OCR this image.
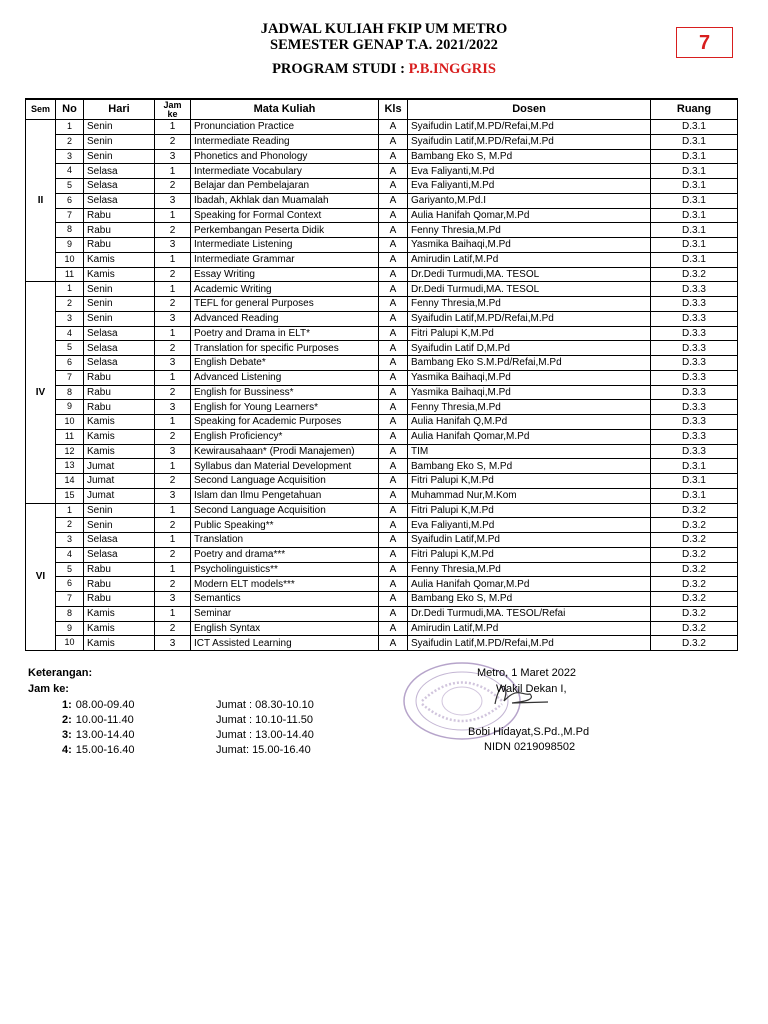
JADWAL KULIAH FKIP UM METRO
SEMESTER GENAP T.A. 2021/2022
PROGRAM STUDI : P.B.INGGRIS
7
Sem	No	Hari	Jam
ke	Mata Kuliah	Kls	Dosen	Ruang
II	1	Senin	1	Pronunciation Practice	A	Syaifudin Latif,M.PD/Refai,M.Pd	D.3.1
	2	Senin	2	Intermediate Reading	A	Syaifudin Latif,M.PD/Refai,M.Pd	D.3.1
	3	Senin	3	Phonetics and Phonology	A	Bambang Eko S, M.Pd	D.3.1
	4	Selasa	1	Intermediate Vocabulary	A	Eva Faliyanti,M.Pd	D.3.1
	5	Selasa	2	Belajar dan Pembelajaran	A	Eva Faliyanti,M.Pd	D.3.1
	6	Selasa	3	Ibadah, Akhlak dan Muamalah	A	Gariyanto,M.Pd.I	D.3.1
	7	Rabu	1	Speaking for Formal Context	A	Aulia Hanifah Qomar,M.Pd	D.3.1
	8	Rabu	2	Perkembangan Peserta Didik	A	Fenny Thresia,M.Pd	D.3.1
	9	Rabu	3	Intermediate Listening	A	Yasmika Baihaqi,M.Pd	D.3.1
	10	Kamis	1	Intermediate Grammar	A	Amirudin Latif,M.Pd	D.3.1
	11	Kamis	2	Essay Writing	A	Dr.Dedi Turmudi,MA. TESOL	D.3.2
IV	1	Senin	1	Academic Writing	A	Dr.Dedi Turmudi,MA. TESOL	D.3.3
	2	Senin	2	TEFL for general Purposes	A	Fenny Thresia,M.Pd	D.3.3
	3	Senin	3	Advanced Reading	A	Syaifudin Latif,M.PD/Refai,M.Pd	D.3.3
	4	Selasa	1	Poetry and Drama in ELT*	A	Fitri Palupi K,M.Pd	D.3.3
	5	Selasa	2	Translation for specific Purposes	A	Syaifudin Latif D,M.Pd	D.3.3
	6	Selasa	3	English Debate*	A	Bambang Eko S.M.Pd/Refai,M.Pd	D.3.3
	7	Rabu	1	Advanced Listening	A	Yasmika Baihaqi,M.Pd	D.3.3
	8	Rabu	2	English for Bussiness*	A	Yasmika Baihaqi,M.Pd	D.3.3
	9	Rabu	3	English for Young Learners*	A	Fenny Thresia,M.Pd	D.3.3
	10	Kamis	1	Speaking for Academic Purposes	A	Aulia Hanifah Q,M.Pd	D.3.3
	11	Kamis	2	English Proficiency*	A	Aulia Hanifah Qomar,M.Pd	D.3.3
	12	Kamis	3	Kewirausahaan* (Prodi Manajemen)	A	TIM	D.3.3
	13	Jumat	1	Syllabus dan Material Development	A	Bambang Eko S, M.Pd	D.3.1
	14	Jumat	2	Second Language Acquisition	A	Fitri Palupi K,M.Pd	D.3.1
	15	Jumat	3	Islam dan Ilmu Pengetahuan	A	Muhammad Nur,M.Kom	D.3.1
VI	1	Senin	1	Second Language Acquisition	A	Fitri Palupi K,M.Pd	D.3.2
	2	Senin	2	Public Speaking**	A	Eva Faliyanti,M.Pd	D.3.2
	3	Selasa	1	Translation	A	Syaifudin Latif,M.Pd	D.3.2
	4	Selasa	2	Poetry and drama***	A	Fitri Palupi K,M.Pd	D.3.2
	5	Rabu	1	Psycholinguistics**	A	Fenny Thresia,M.Pd	D.3.2
	6	Rabu	2	Modern ELT models***	A	Aulia Hanifah Qomar,M.Pd	D.3.2
	7	Rabu	3	Semantics	A	Bambang Eko S, M.Pd	D.3.2
	8	Kamis	1	Seminar	A	Dr.Dedi Turmudi,MA. TESOL/Refai	D.3.2
	9	Kamis	2	English Syntax	A	Amirudin Latif,M.Pd	D.3.2
	10	Kamis	3	ICT Assisted Learning	A	Syaifudin Latif,M.PD/Refai,M.Pd	D.3.2
Keterangan:
Jam ke:
1: 08.00-09.40	Jumat : 08.30-10.10
2: 10.00-11.40	Jumat : 10.10-11.50
3: 13.00-14.40	Jumat : 13.00-14.40
4: 15.00-16.40	Jumat: 15.00-16.40
Metro, 1 Maret 2022
Wakil Dekan I,
Bobi Hidayat,S.Pd.,M.Pd
NIDN 0219098502
